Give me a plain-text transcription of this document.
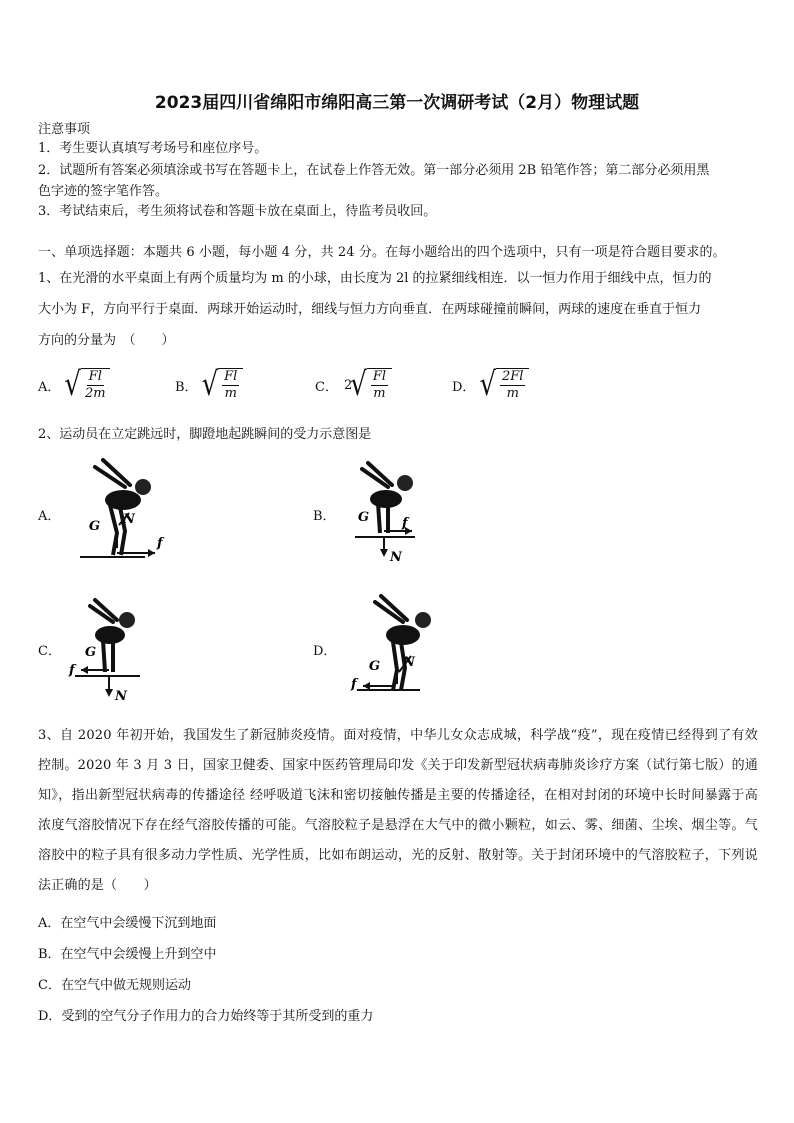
2023届四川省绵阳市绵阳高三第一次调研考试（2月）物理试题
注意事项
1．考生要认真填写考场号和座位序号。
2．试题所有答案必须填涂或书写在答题卡上，在试卷上作答无效。第一部分必须用 2B 铅笔作答；第二部分必须用黑
色字迹的签字笔作答。
3．考试结束后，考生须将试卷和答题卡放在桌面上，待监考员收回。
一、单项选择题：本题共 6 小题，每小题 4 分，共 24 分。在每小题给出的四个选项中，只有一项是符合题目要求的。
1、在光滑的水平桌面上有两个质量均为 m 的小球，由长度为 2l 的拉紧细线相连．以一恒力作用于细线中点，恒力的
大小为 F，方向平行于桌面．两球开始运动时，细线与恒力方向垂直．在两球碰撞前瞬间，两球的速度在垂直于恒力
方向的分量为　（　　）
A． √ $\frac{Fl}{2m}$	B． √ $\frac{Fl}{m}$	C． 2
√ $\frac{Fl}{m}$	D． √ $\frac{2Fl}{m}$
2、运动员在立定跳远时，脚蹬地起跳瞬间的受力示意图是
A．
G N
f
B． G
N
f
C． G
N
f
D．
G N
f
3、自 2020 年初开始，我国发生了新冠肺炎疫情。面对疫情，中华儿女众志成城，科学战“疫”，现在疫情已经得到了有效控制。2020 年 3 月 3 日，国家卫健委、国家中医药管理局印发《关于印发新型冠状病毒肺炎诊疗方案（试行第七版）的通知》，指出新型冠状病毒的传播途径 经呼吸道飞沫和密切接触传播是主要的传播途径，在相对封闭的环境中长时间暴露于高浓度气溶胶情况下存在经气溶胶传播的可能。气溶胶粒子是悬浮在大气中的微小颗粒，如云、雾、细菌、尘埃、烟尘等。气溶胶中的粒子具有很多动力学性质、光学性质，比如布朗运动，光的反射、散射等。关于封闭环境中的气溶胶粒子，下列说法正确的是（　　）
A．在空气中会缓慢下沉到地面
B．在空气中会缓慢上升到空中
C．在空气中做无规则运动
D．受到的空气分子作用力的合力始终等于其所受到的重力
